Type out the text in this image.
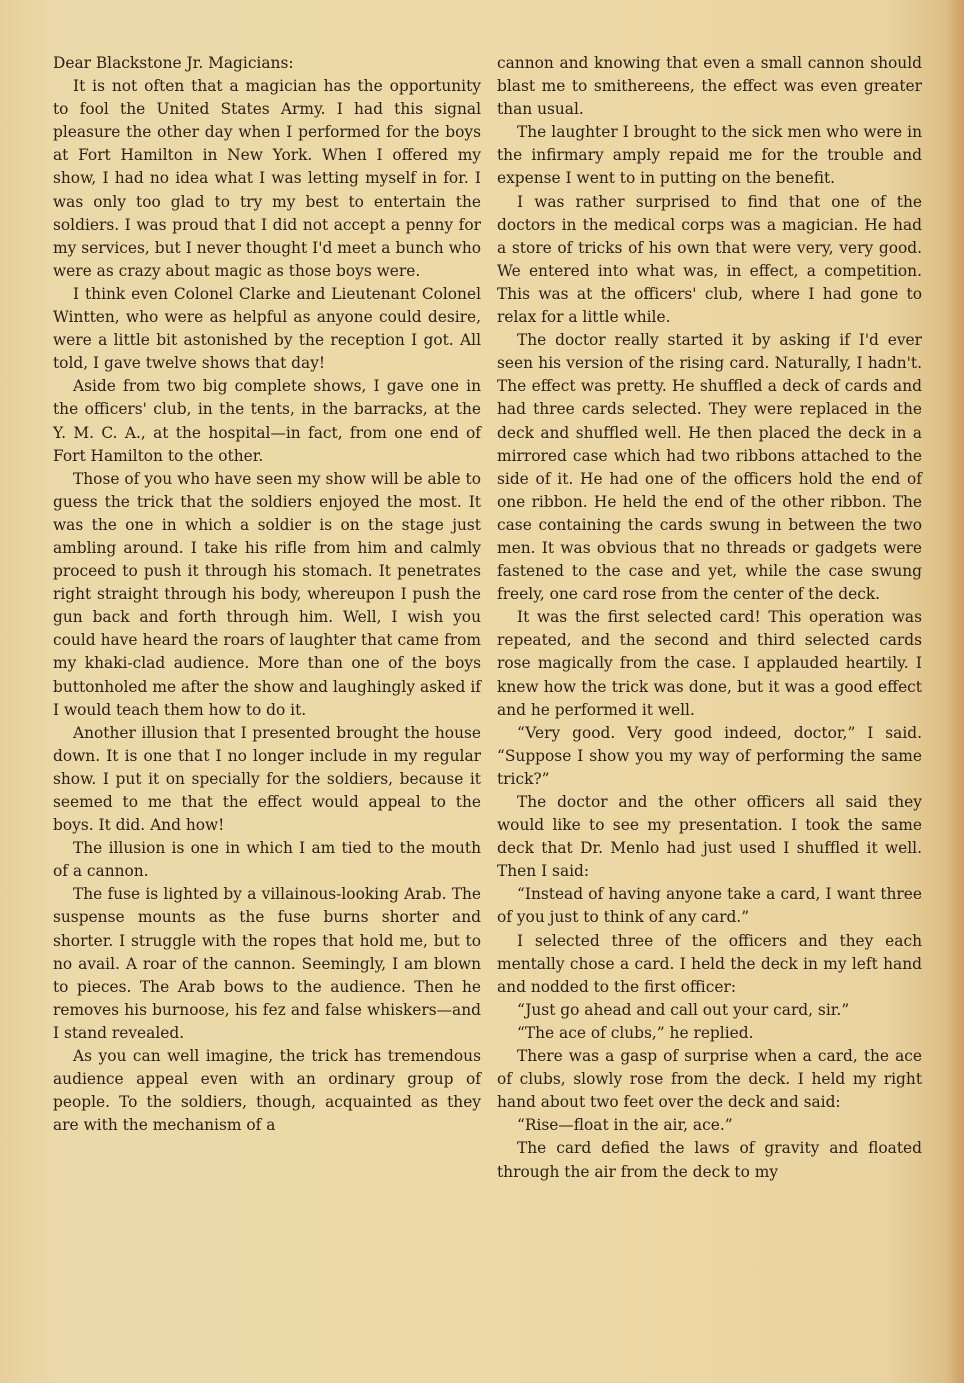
Dear Blackstone Jr. Magicians:

It is not often that a magician has the opportunity to fool the United States Army. I had this signal pleasure the other day when I performed for the boys at Fort Hamilton in New York. When I offered my show, I had no idea what I was letting myself in for. I was only too glad to try my best to entertain the soldiers. I was proud that I did not accept a penny for my services, but I never thought I'd meet a bunch who were as crazy about magic as those boys were.

I think even Colonel Clarke and Lieutenant Colonel Wintten, who were as helpful as anyone could desire, were a little bit astonished by the reception I got. All told, I gave twelve shows that day!

Aside from two big complete shows, I gave one in the officers' club, in the tents, in the barracks, at the Y. M. C. A., at the hospital—in fact, from one end of Fort Hamilton to the other.

Those of you who have seen my show will be able to guess the trick that the soldiers enjoyed the most. It was the one in which a soldier is on the stage just ambling around. I take his rifle from him and calmly proceed to push it through his stomach. It penetrates right straight through his body, whereupon I push the gun back and forth through him. Well, I wish you could have heard the roars of laughter that came from my khaki-clad audience. More than one of the boys buttonholed me after the show and laughingly asked if I would teach them how to do it.

Another illusion that I presented brought the house down. It is one that I no longer include in my regular show. I put it on specially for the soldiers, because it seemed to me that the effect would appeal to the boys. It did. And how!

The illusion is one in which I am tied to the mouth of a cannon.

The fuse is lighted by a villainous-looking Arab. The suspense mounts as the fuse burns shorter and shorter. I struggle with the ropes that hold me, but to no avail. A roar of the cannon. Seemingly, I am blown to pieces. The Arab bows to the audience. Then he removes his burnoose, his fez and false whiskers—and I stand revealed.

As you can well imagine, the trick has tremendous audience appeal even with an ordinary group of people. To the soldiers, though, acquainted as they are with the mechanism of a

cannon and knowing that even a small cannon should blast me to smithereens, the effect was even greater than usual.

The laughter I brought to the sick men who were in the infirmary amply repaid me for the trouble and expense I went to in putting on the benefit.

I was rather surprised to find that one of the doctors in the medical corps was a magician. He had a store of tricks of his own that were very, very good. We entered into what was, in effect, a competition. This was at the officers' club, where I had gone to relax for a little while.

The doctor really started it by asking if I'd ever seen his version of the rising card. Naturally, I hadn't. The effect was pretty. He shuffled a deck of cards and had three cards selected. They were replaced in the deck and shuffled well. He then placed the deck in a mirrored case which had two ribbons attached to the side of it. He had one of the officers hold the end of one ribbon. He held the end of the other ribbon. The case containing the cards swung in between the two men. It was obvious that no threads or gadgets were fastened to the case and yet, while the case swung freely, one card rose from the center of the deck.

It was the first selected card! This operation was repeated, and the second and third selected cards rose magically from the case. I applauded heartily. I knew how the trick was done, but it was a good effect and he performed it well.

“Very good. Very good indeed, doctor,” I said. “Suppose I show you my way of performing the same trick?”

The doctor and the other officers all said they would like to see my presentation. I took the same deck that Dr. Menlo had just used I shuffled it well. Then I said:

“Instead of having anyone take a card, I want three of you just to think of any card.”

I selected three of the officers and they each mentally chose a card. I held the deck in my left hand and nodded to the first officer:

“Just go ahead and call out your card, sir.”

“The ace of clubs,” he replied.

There was a gasp of surprise when a card, the ace of clubs, slowly rose from the deck. I held my right hand about two feet over the deck and said:

“Rise—float in the air, ace.”

The card defied the laws of gravity and floated through the air from the deck to my
